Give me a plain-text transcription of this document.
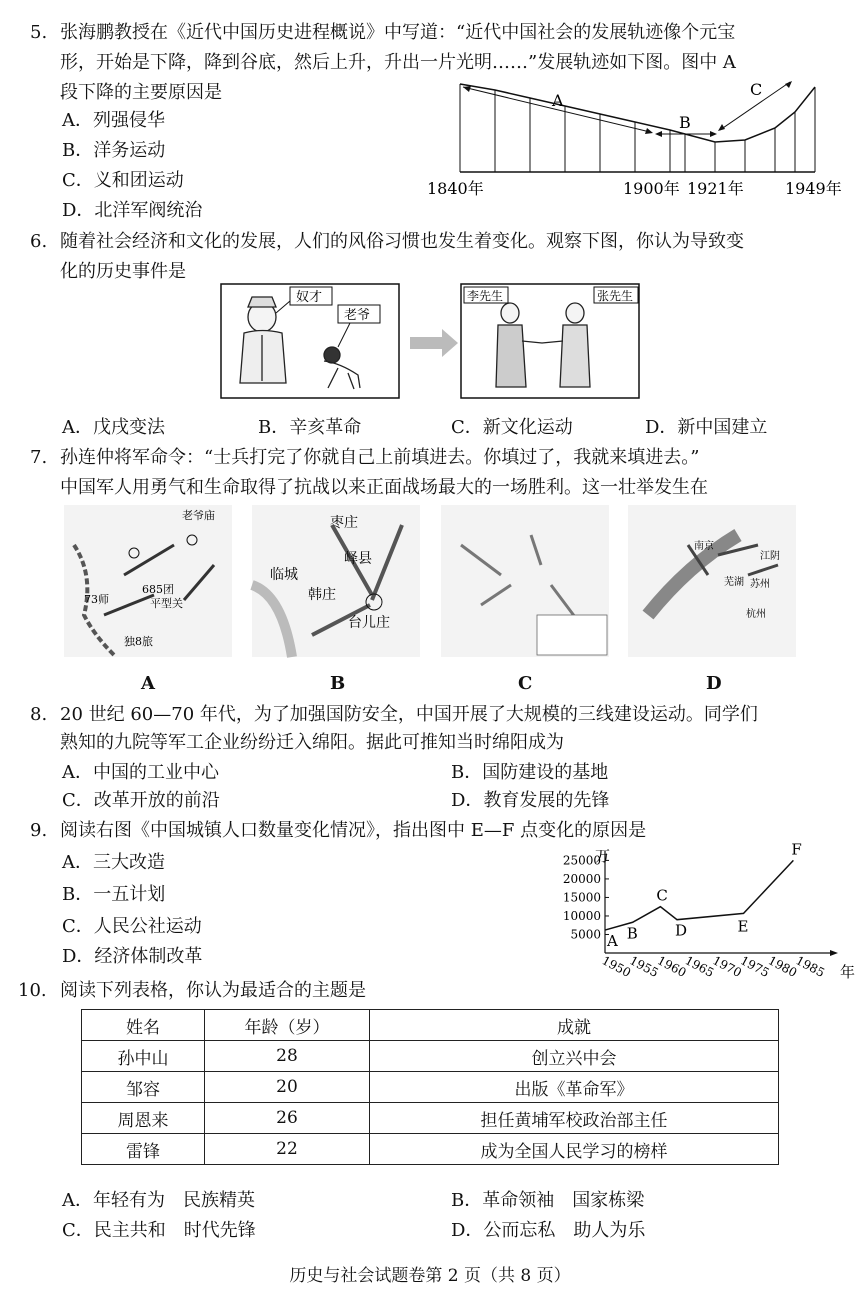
5. 张海鹏教授在《近代中国历史进程概说》中写道：“近代中国社会的发展轨迹像个元宝
形，开始是下降，降到谷底，然后上升，升出一片光明……”发展轨迹如下图。图中 A
段下降的主要原因是
A．列强侵华
B．洋务运动
C．义和团运动
D．北洋军阀统治
A
B
C
1840年	1900年 1921年	1949年
6. 随着社会经济和文化的发展，人们的风俗习惯也发生着变化。观察下图，你认为导致变
化的历史事件是
奴才
老爷
李先生	张先生
A．戊戌变法	B．辛亥革命	C．新文化运动	D．新中国建立
7. 孙连仲将军命令：“士兵打完了你就自己上前填进去。你填过了，我就来填进去。”
中国军人用勇气和生命取得了抗战以来正面战场最大的一场胜利。这一壮举发生在
老爷庙
685团
平型关
73师
独8旅
临城
枣庄
峄县
韩庄
台儿庄
南京
江阴
苏州
芜湖
杭州
A	B	C	D
8. 20 世纪 60—70 年代，为了加强国防安全，中国开展了大规模的三线建设运动。同学们
熟知的九院等军工企业纷纷迁入绵阳。据此可推知当时绵阳成为
A．中国的工业中心	B．国防建设的基地
C．改革开放的前沿	D．教育发展的先锋
9. 阅读右图《中国城镇人口数量变化情况》，指出图中 E—F 点变化的原因是
A．三大改造
B．一五计划
C．人民公社运动
D．经济体制改革
万
年
5000
10000
15000
20000
25000
1950
1955
1960
1965
1970
1975
1980
1985
A B
C
D	E
F
10. 阅读下列表格，你认为最适合的主题是
姓名	年龄（岁）	成就
孙中山	28	创立兴中会
邹容	20	出版《革命军》
周恩来	26	担任黄埔军校政治部主任
雷锋	22	成为全国人民学习的榜样
A．年轻有为　民族精英	B．革命领袖　国家栋梁
C．民主共和　时代先锋	D．公而忘私　助人为乐
历史与社会试题卷第 2 页（共 8 页）
